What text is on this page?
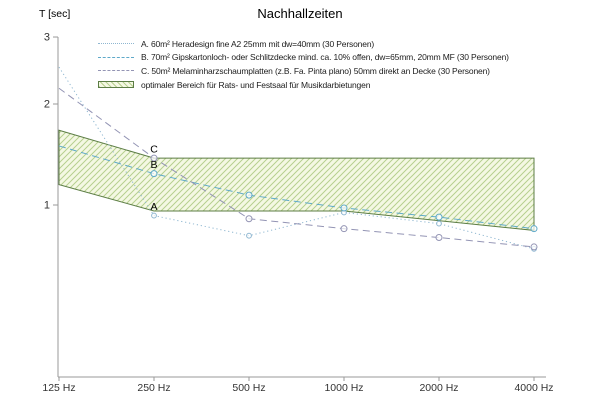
Nachhallzeiten
T [sec]
A. 60m² Heradesign fine A2 25mm mit dw=40mm (30 Personen)
B. 70m² Gipskartonloch- oder Schlitzdecke mind. ca. 10% offen, dw=65mm, 20mm MF (30 Personen)
C. 50m² Melaminharzschaumplatten (z.B. Fa. Pinta plano) 50mm direkt an Decke (30 Personen)
optimaler Bereich für Rats- und Festsaal für Musikdarbietungen
1
2
3
125 Hz	250 Hz	500 Hz	1000 Hz	2000 Hz	4000 Hz
C
B
A
